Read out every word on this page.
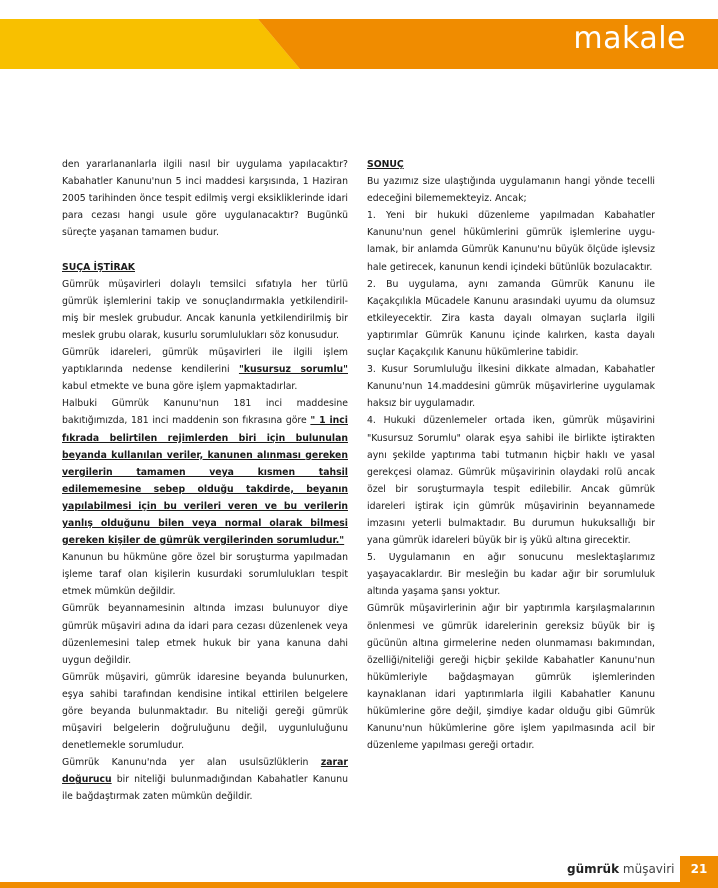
makale

den yararlananlarla ilgili nasıl bir uygulama yapılacaktır? Kabahatler Kanunu'nun 5 inci maddesi karşısında, 1 Haziran 2005 tarihinden önce tespit edilmiş vergi eksikliklerinde idari para cezası hangi usule göre uygulanacaktır? Bugünkü süreçte yaşanan tamamen budur.

SUÇA İŞTİRAK

Gümrük müşavirleri dolaylı temsilci sıfatıyla her türlü gümrük işlemlerini takip ve sonuçlandırmakla yetkilendirilmiş bir meslek grubudur. Ancak kanunla yetkilendirilmiş bir meslek grubu olarak, kusurlu sorumlulukları söz konusudur.

Gümrük idareleri, gümrük müşavirleri ile ilgili işlem yaptıklarında nedense kendilerini "kusursuz sorumlu" kabul etmekte ve buna göre işlem yapmaktadırlar.

Halbuki Gümrük Kanunu'nun 181 inci maddesine bakıtığımızda, 181 inci maddenin son fıkrasına göre " 1 inci fıkrada belirtilen rejimlerden biri için bulunulan beyanda kullanılan veriler, kanunen alınması gereken vergilerin tamamen veya kısmen tahsil edilememesine sebep olduğu takdirde, beyanın yapılabilmesi için bu verileri veren ve bu verilerin yanlış olduğunu bilen veya normal olarak bilmesi gereken kişiler de gümrük vergilerinden sorumludur."

Kanunun bu hükmüne göre özel bir soruşturma yapılmadan işleme taraf olan kişilerin kusurdaki sorumlulukları tespit etmek mümkün değildir.

Gümrük beyannamesinin altında imzası bulunuyor diye gümrük müşaviri adına da idari para cezası düzenlenek veya düzenlemesini talep etmek hukuk bir yana kanuna dahi uygun değildir.

Gümrük müşaviri, gümrük idaresine beyanda bulunurken, eşya sahibi tarafından kendisine intikal ettirilen belgelere göre beyanda bulunmaktadır. Bu niteliği gereği gümrük müşaviri belgelerin doğruluğunu değil, uygunluluğunu denetlemekle sorumludur.

Gümrük Kanunu'nda yer alan usulsüzlüklerin zarar doğurucu bir niteliği bulunmadığından Kabahatler Kanunu ile bağdaştırmak zaten mümkün değildir.

SONUÇ

Bu yazımız size ulaştığında uygulamanın hangi yönde tecelli edeceğini bilememekteyiz. Ancak;

1. Yeni bir hukuki düzenleme yapılmadan Kabahatler Kanunu'nun genel hükümlerini gümrük işlemlerine uygulamak, bir anlamda Gümrük Kanunu'nu büyük ölçüde işlevsiz hale getirecek, kanunun kendi içindeki bütünlük bozulacaktır.

2. Bu uygulama, aynı zamanda Gümrük Kanunu ile Kaçakçılıkla Mücadele Kanunu arasındaki uyumu da olumsuz etkileyecektir. Zira kasta dayalı olmayan suçlarla ilgili yaptırımlar Gümrük Kanunu içinde kalırken, kasta dayalı suçlar Kaçakçılık Kanunu hükümlerine tabidir.

3. Kusur Sorumluluğu İlkesini dikkate almadan, Kabahatler Kanunu'nun 14.maddesini gümrük müşavirlerine uygulamak haksız bir uygulamadır.

4. Hukuki düzenlemeler ortada iken, gümrük müşavirini "Kusursuz Sorumlu" olarak eşya sahibi ile birlikte iştirakten aynı şekilde yaptırıma tabi tutmanın hiçbir haklı ve yasal gerekçesi olamaz. Gümrük müşavirinin olaydaki rolü ancak özel bir soruşturmayla tespit edilebilir. Ancak gümrük idareleri iştirak için gümrük müşavirinin beyannamede imzasını yeterli bulmaktadır. Bu durumun hukuksallığı bir yana gümrük idareleri büyük bir iş yükü altına girecektir.

5. Uygulamanın en ağır sonucunu meslektaşlarımız yaşayacaklardır. Bir mesleğin bu kadar ağır bir sorumluluk altında yaşama şansı yoktur.

Gümrük müşavirlerinin ağır bir yaptırımla karşılaşmalarının önlenmesi ve gümrük idarelerinin gereksiz büyük bir iş gücünün altına girmelerine neden olunmaması bakımından, özelliği/niteliği gereği hiçbir şekilde Kabahatler Kanunu'nun hükümleriyle bağdaşmayan gümrük işlemlerinden kaynaklanan idari yaptırımlarla ilgili Kabahatler Kanunu hükümlerine göre değil, şimdiye kadar olduğu gibi Gümrük Kanunu'nun hükümlerine göre işlem yapılmasında acil bir düzenleme yapılması gereği ortadır.

gümrük müşaviri	21
